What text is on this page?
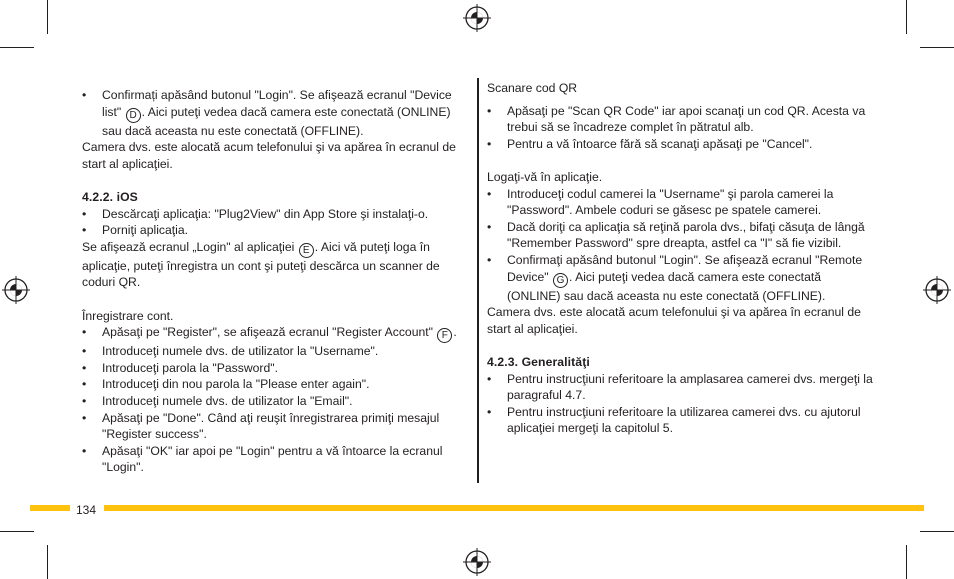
• Confirmați apăsând butonul "Login". Se afişează ecranul "Device list" D . Aici puteţi vedea dacă camera este conectată (ONLINE) sau dacă aceasta nu este conectată (OFFLINE).

Camera dvs. este alocată acum telefonului şi va apărea în ecranul de start al aplicaţiei.

4.2.2. iOS

• Descărcaţi aplicaţia: "Plug2View" din App Store şi instalaţi-o.
• Porniţi aplicaţia.

Se afişează ecranul „Login" al aplicaţiei E . Aici vă puteţi loga în aplicaţie, puteţi înregistra un cont şi puteţi descărca un scanner de coduri QR.

Înregistrare cont.

• Apăsaţi pe "Register", se afişează ecranul "Register Account" F .
• Introduceţi numele dvs. de utilizator la "Username".
• Introduceţi parola la "Password".
• Introduceţi din nou parola la "Please enter again".
• Introduceţi numele dvs. de utilizator la "Email".
• Apăsaţi pe "Done". Când aţi reuşit înregistrarea primiţi mesajul "Register success".
• Apăsaţi "OK" iar apoi pe "Login" pentru a vă întoarce la ecranul "Login".

Scanare cod QR

• Apăsaţi pe "Scan QR Code" iar apoi scanaţi un cod QR. Acesta va trebui să se încadreze complet în pătratul alb.
• Pentru a vă întoarce fără să scanaţi apăsaţi pe "Cancel".

Logaţi-vă în aplicaţie.

• Introduceţi codul camerei la "Username" şi parola camerei la "Password". Ambele coduri se găsesc pe spatele camerei.
• Dacă doriţi ca aplicaţia să reţină parola dvs., bifaţi căsuţa de lângă "Remember Password" spre dreapta, astfel ca "I" să fie vizibil.
• Confirmaţi apăsând butonul "Login". Se afişează ecranul "Remote Device" G . Aici puteţi vedea dacă camera este conectată (ONLINE) sau dacă aceasta nu este conectată (OFFLINE).

Camera dvs. este alocată acum telefonului şi va apărea în ecranul de start al aplicaţiei.

4.2.3. Generalităţi

• Pentru instrucţiuni referitoare la amplasarea camerei dvs. mergeţi la paragraful 4.7.
• Pentru instrucţiuni referitoare la utilizarea camerei dvs. cu ajutorul aplicaţiei mergeţi la capitolul 5.
134
